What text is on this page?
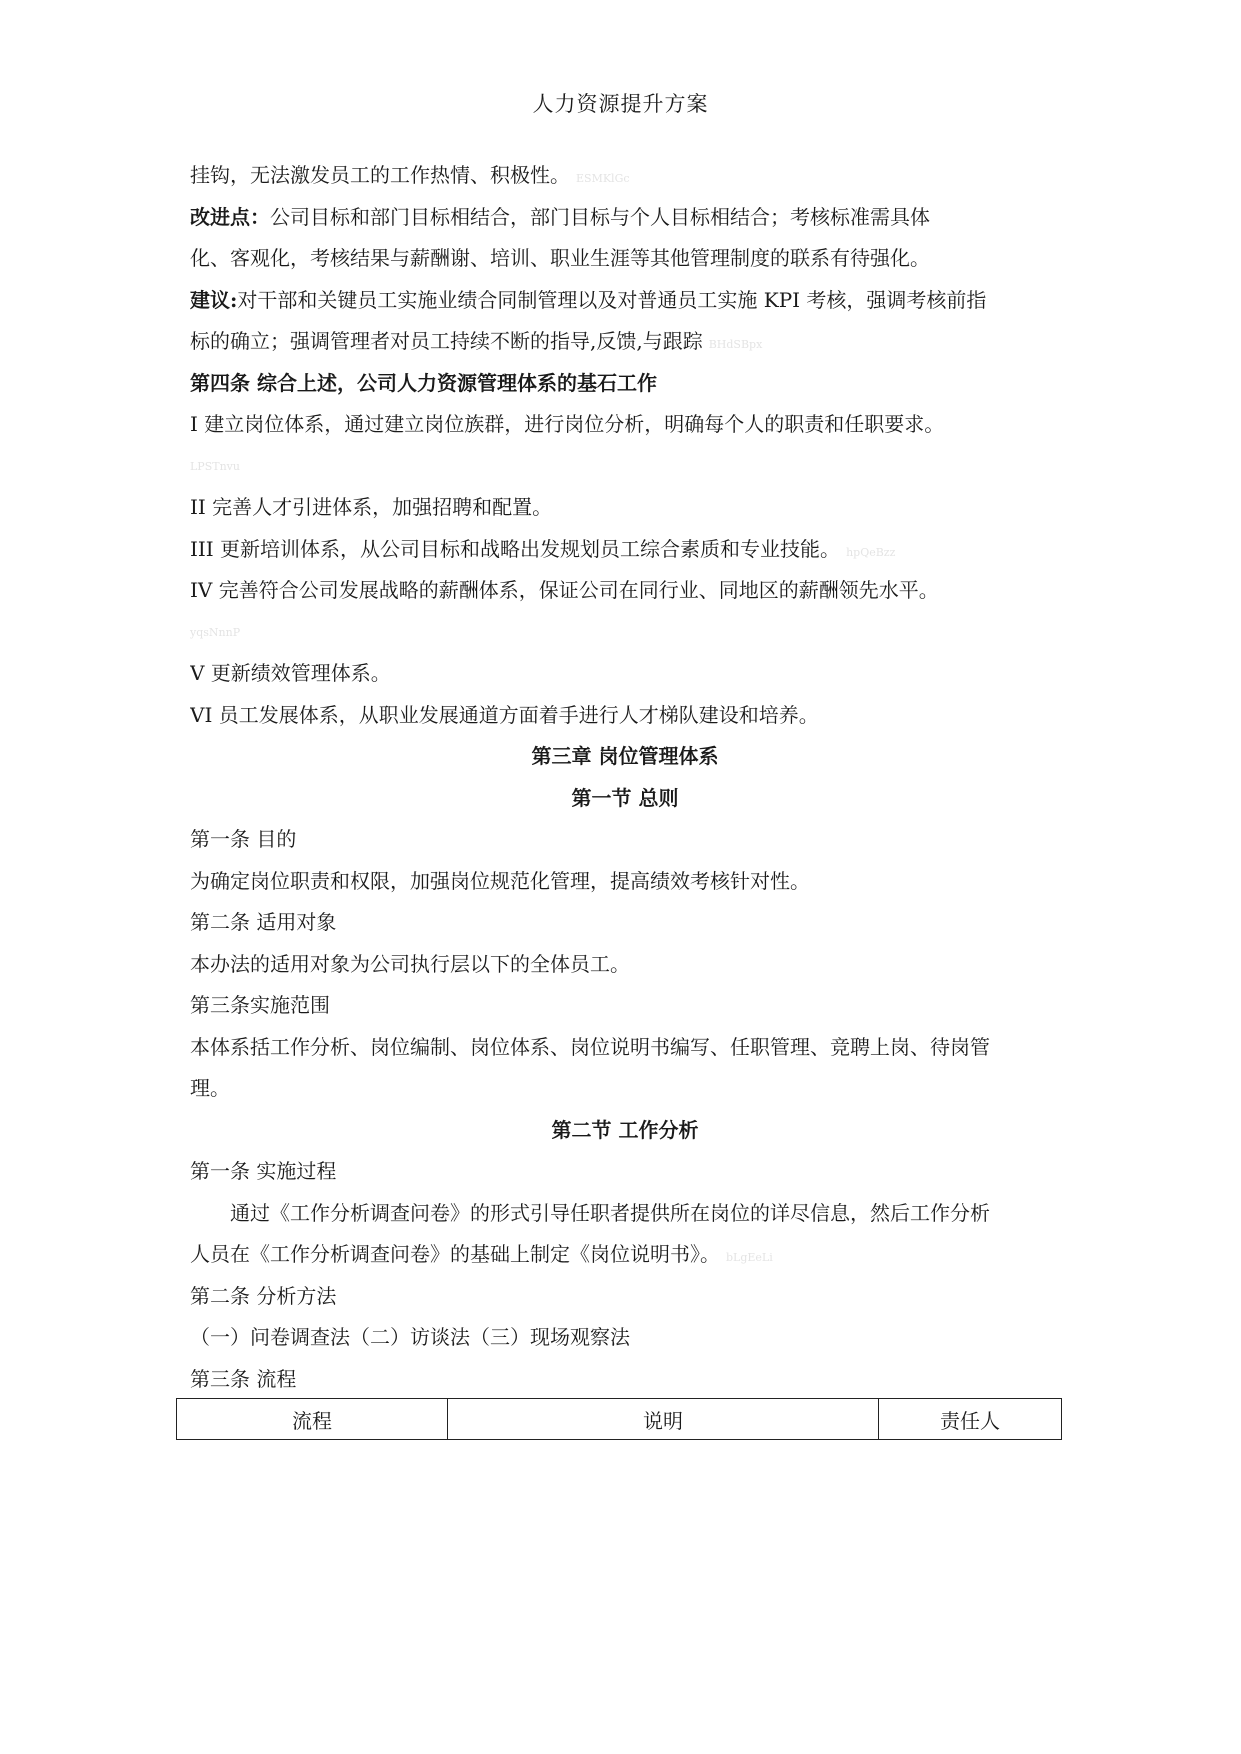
人力资源提升方案
挂钩，无法激发员工的工作热情、积极性。 ESMKlGc
改进点：公司目标和部门目标相结合，部门目标与个人目标相结合；考核标准需具体
化、客观化，考核结果与薪酬谢、培训、职业生涯等其他管理制度的联系有待强化。
建议:对干部和关键员工实施业绩合同制管理以及对普通员工实施 KPI 考核，强调考核前指
标的确立；强调管理者对员工持续不断的指导,反馈,与跟踪 BHdSBpx
第四条 综合上述，公司人力资源管理体系的基石工作
I 建立岗位体系，通过建立岗位族群，进行岗位分析，明确每个人的职责和任职要求。
LPSTnvu
II 完善人才引进体系，加强招聘和配置。
III 更新培训体系，从公司目标和战略出发规划员工综合素质和专业技能。 hpQeBzz
IV 完善符合公司发展战略的薪酬体系，保证公司在同行业、同地区的薪酬领先水平。
yqsNnnP
V 更新绩效管理体系。
VI 员工发展体系，从职业发展通道方面着手进行人才梯队建设和培养。
第三章 岗位管理体系
第一节 总则
第一条 目的
为确定岗位职责和权限，加强岗位规范化管理，提高绩效考核针对性。
第二条 适用对象
本办法的适用对象为公司执行层以下的全体员工。
第三条实施范围
本体系括工作分析、岗位编制、岗位体系、岗位说明书编写、任职管理、竞聘上岗、待岗管
理。
第二节 工作分析
第一条 实施过程
通过《工作分析调查问卷》的形式引导任职者提供所在岗位的详尽信息，然后工作分析
人员在《工作分析调查问卷》的基础上制定《岗位说明书》。 bLgEeLi
第二条 分析方法
（一）问卷调查法（二）访谈法（三）现场观察法
第三条 流程
流程	说明	责任人
